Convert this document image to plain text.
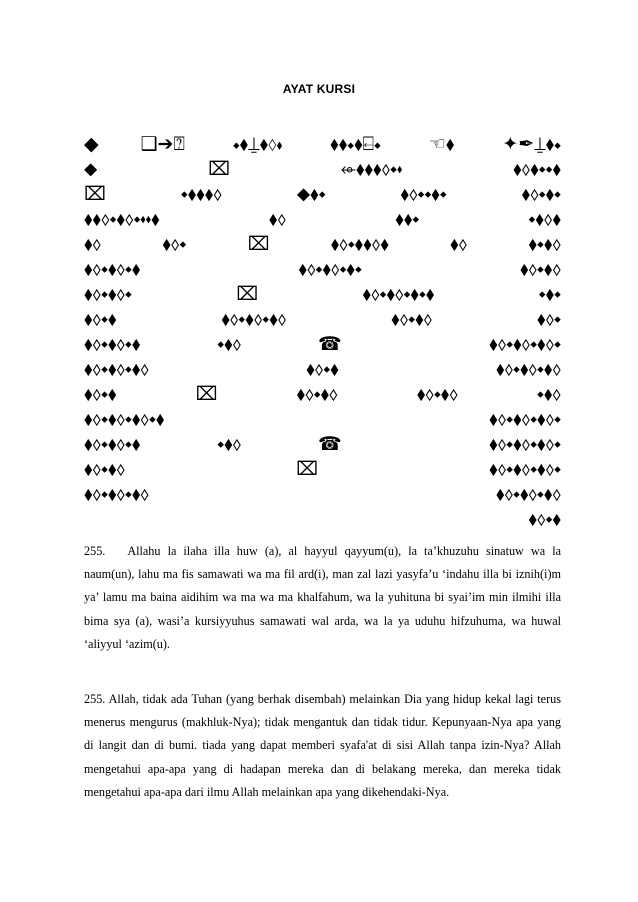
AYAT KURSI
◆❑➔⍰ ⬩⬧⍊⬧⬨⬪ ⬧⬧⬩⬧⍇⬩ ☜⬧ ✦✒⍊⬧⬩
⬥ ⌧ ⬰⬧⬧⬧⬨⬩⬪ ⬧⬨⬧⬩⬩⬧
⌧ ⬩⬧⬧⬧⬨ ⬥⬧⬩ ⬧⬨⬩⬩⬧⬩ ⬧⬨⬩⬧⬩
⬧⬧⬨⬩⬧⬨⬩⬪⬪⬧ ⬧⬨ ⬧⬧⬩ ⬩⬧⬨⬧
⬧⬨ ⬧⬨⬩ ⌧ ⬧⬨⬩⬧⬧⬨⬧ ⬧⬨ ⬧⬩⬧⬨
⬧⬨⬩⬧⬨⬩⬧ ⬧⬨⬩⬧⬨⬩⬧⬩ ⬧⬨⬩⬧⬨
⬧⬨⬩⬧⬨⬩ ⌧ ⬧⬨⬩⬧⬨⬩⬧⬩⬧ ⬩⬧⬩
⬧⬨⬩⬧ ⬧⬨⬩⬧⬨⬩⬧⬨ ⬧⬨⬩⬧⬨ ⬧⬨⬩
⬧⬨⬩⬧⬨⬩⬧ ⬩⬧⬨ ☎ ⬧⬨⬩⬧⬨⬩⬧⬨⬩
⬧⬨⬩⬧⬨⬩⬧⬨ ⬧⬨⬩⬧ ⬧⬨⬩⬧⬨⬩⬧⬨
⬧⬨⬩⬧ ⌧ ⬧⬨⬩⬧⬨ ⬧⬨⬩⬧⬨ ⬩⬧⬨
⬧⬨⬩⬧⬨⬩⬧⬨⬩⬧ ⬧⬨⬩⬧⬨⬩⬧⬨⬩
⬧⬨⬩⬧⬨⬩⬧ ⬩⬧⬨ ☎ ⬧⬨⬩⬧⬨⬩⬧⬨⬩
⬧⬨⬩⬧⬨ ⌧ ⬧⬨⬩⬧⬨⬩⬧⬨⬩
⬧⬨⬩⬧⬨⬩⬧⬨ ⬧⬨⬩⬧⬨⬩⬧⬨
⬧⬨⬩⬧
255. Allahu la ilaha illa huw (a), al hayyul qayyum(u), la ta’khuzuhu sinatuw wa la naum(un), lahu ma fis samawati wa ma fil ard(i), man zal lazi yasyfa’u ‘indahu illa bi iznih(i)m ya’ lamu ma baina aidihim wa ma wa ma khalfahum, wa la yuhituna bi syai’im min ilmihi illa bima sya (a), wasi’a kursiyyuhus samawati wal arda, wa la ya uduhu hifzuhuma, wa huwal ‘aliyyul ‘azim(u).
255. Allah, tidak ada Tuhan (yang berhak disembah) melainkan Dia yang hidup kekal lagi terus menerus mengurus (makhluk-Nya); tidak mengantuk dan tidak tidur. Kepunyaan-Nya apa yang di langit dan di bumi. tiada yang dapat memberi syafa'at di sisi Allah tanpa izin-Nya? Allah mengetahui apa-apa yang di hadapan mereka dan di belakang mereka, dan mereka tidak mengetahui apa-apa dari ilmu Allah melainkan apa yang dikehendaki-Nya.
